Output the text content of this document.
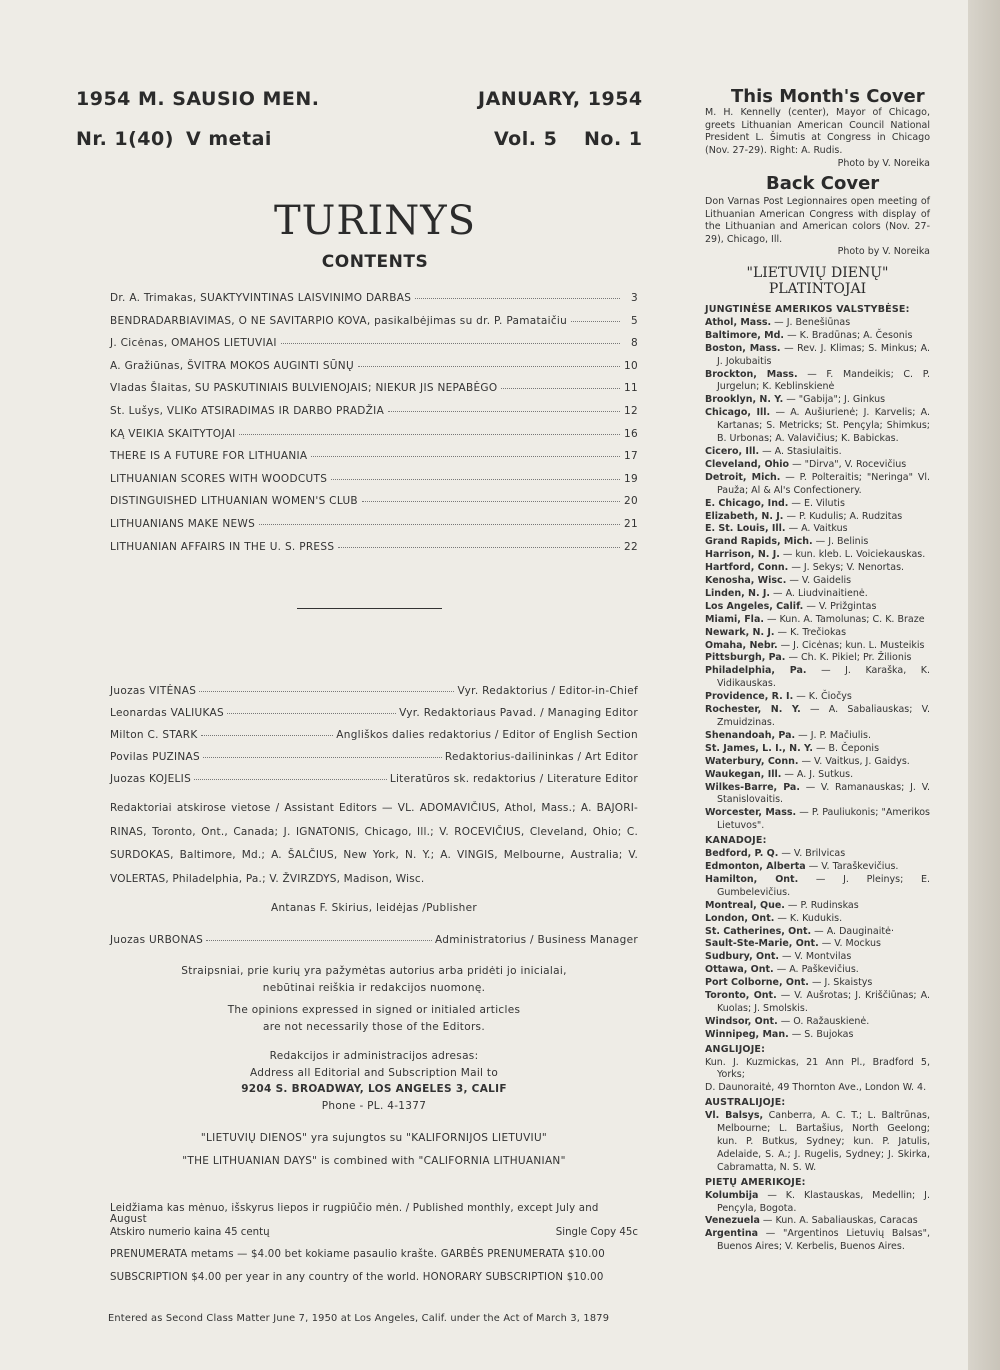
1954 M. SAUSIO MEN.	JANUARY, 1954
Nr. 1(40) V metai	Vol. 5 No. 1
TURINYS
CONTENTS
Dr. A. Trimakas, SUAKTYVINTINAS LAISVINIMO DARBAS	3
BENDRADARBIAVIMAS, O NE SAVITARPIO KOVA, pasikalbėjimas su dr. P. Pamataičiu	5
J. Cicėnas, OMAHOS LIETUVIAI	8
A. Gražiūnas, ŠVITRA MOKOS AUGINTI SŪNŲ	10
Vladas Šlaitas, SU PASKUTINIAIS BULVIENOJAIS; NIEKUR JIS NEPABĖGO	11
St. Lušys, VLIKo ATSIRADIMAS IR DARBO PRADŽIA	12
KĄ VEIKIA SKAITYTOJAI	16
THERE IS A FUTURE FOR LITHUANIA	17
LITHUANIAN SCORES WITH WOODCUTS	19
DISTINGUISHED LITHUANIAN WOMEN'S CLUB	20
LITHUANIANS MAKE NEWS	21
LITHUANIAN AFFAIRS IN THE U. S. PRESS	22
Juozas VITĖNAS	Vyr. Redaktorius / Editor-in-Chief
Leonardas VALIUKAS	Vyr. Redaktoriaus Pavad. / Managing Editor
Milton C. STARK	Angliškos dalies redaktorius / Editor of English Section
Povilas PUZINAS	Redaktorius-dailininkas / Art Editor
Juozas KOJELIS	Literatūros sk. redaktorius / Literature Editor
Redaktoriai atskirose vietose / Assistant Editors — VL. ADOMAVIČIUS, Athol, Mass.; A. BAJORI-RINAS, Toronto, Ont., Canada; J. IGNATONIS, Chicago, Ill.; V. ROCEVIČIUS, Cleveland, Ohio; C. SURDOKAS, Baltimore, Md.; A. ŠALČIUS, New York, N. Y.; A. VINGIS, Melbourne, Australia; V. VOLERTAS, Philadelphia, Pa.; V. ŽVIRZDYS, Madison, Wisc.
Antanas F. Skirius, leidėjas /Publisher
Juozas URBONAS	Administratorius / Business Manager
Straipsniai, prie kurių yra pažymėtas autorius arba pridėti jo inicialai,
nebūtinai reiškia ir redakcijos nuomonę.
The opinions expressed in signed or initialed articles
are not necessarily those of the Editors.
Redakcijos ir administracijos adresas:
Address all Editorial and Subscription Mail to
9204 S. BROADWAY, LOS ANGELES 3, CALIF
Phone - PL. 4-1377
"LIETUVIŲ DIENOS" yra sujungtos su "KALIFORNIJOS LIETUVIU"
"THE LITHUANIAN DAYS" is combined with "CALIFORNIA LITHUANIAN"
Leidžiama kas mėnuo, išskyrus liepos ir rugpiūčio mėn. / Published monthly, except July and August
Atskiro numerio kaina 45 centų	Single Copy 45c
PRENUMERATA metams — $4.00 bet kokiame pasaulio krašte. GARBĖS PRENUMERATA $10.00
SUBSCRIPTION $4.00 per year in any country of the world. HONORARY SUBSCRIPTION $10.00
Entered as Second Class Matter June 7, 1950 at Los Angeles, Calif. under the Act of March 3, 1879
This Month's Cover
M. H. Kennelly (center), Mayor of Chicago, greets Lithuanian American Council National President L. Šimutis at Congress in Chicago (Nov. 27-29). Right: A. Rudis.
Photo by V. Noreika
Back Cover
Don Varnas Post Legionnaires open meeting of Lithuanian American Congress with display of the Lithuanian and American colors (Nov. 27-29), Chicago, Ill.
Photo by V. Noreika
"LIETUVIŲ DIENŲ"
PLATINTOJAI
JUNGTINĖSE AMERIKOS VALSTYBĖSE:
Athol, Mass. — J. Benešiūnas
Baltimore, Md. — K. Bradūnas; A. Česonis
Boston, Mass. — Rev. J. Klimas; S. Minkus; A. J. Jokubaitis
Brockton, Mass. — F. Mandeikis; C. P. Jurgelun; K. Keblinskienė
Brooklyn, N. Y. — "Gabija"; J. Ginkus
Chicago, Ill. — A. Aušiurienė; J. Karvelis; A. Kartanas; S. Metricks; St. Pençyla; Shimkus; B. Urbonas; A. Valavičius; K. Babickas.
Cicero, Ill. — A. Stasiulaitis.
Cleveland, Ohio — "Dirva", V. Rocevičius
Detroit, Mich. — P. Polteraitis; "Neringa" Vl. Pauža; Al & Al's Confectionery.
E. Chicago, Ind. — E. Vilutis
Elizabeth, N. J. — P. Kudulis; A. Rudzitas
E. St. Louis, Ill. — A. Vaitkus
Grand Rapids, Mich. — J. Belinis
Harrison, N. J. — kun. kleb. L. Voiciekauskas.
Hartford, Conn. — J. Sekys; V. Nenortas.
Kenosha, Wisc. — V. Gaidelis
Linden, N. J. — A. Liudvinaitienė.
Los Angeles, Calif. — V. Prižgintas
Miami, Fla. — Kun. A. Tamolunas; C. K. Braze
Newark, N. J. — K. Trečiokas
Omaha, Nebr. — J. Cicėnas; kun. L. Musteikis
Pittsburgh, Pa. — Ch. K. Pikiel; Pr. Žilionis
Philadelphia, Pa. — J. Karaška, K. Vidikauskas.
Providence, R. I. — K. Čiočys
Rochester, N. Y. — A. Sabaliauskas; V. Zmuidzinas.
Shenandoah, Pa. — J. P. Mačiulis.
St. James, L. I., N. Y. — B. Čeponis
Waterbury, Conn. — V. Vaitkus, J. Gaidys.
Waukegan, Ill. — A. J. Sutkus.
Wilkes-Barre, Pa. — V. Ramanauskas; J. V. Stanislovaitis.
Worcester, Mass. — P. Pauliukonis; "Amerikos Lietuvos".
KANADOJE:
Bedford, P. Q. — V. Brilvicas
Edmonton, Alberta — V. Taraškevičius.
Hamilton, Ont. — J. Pleinys; E. Gumbelevičius.
Montreal, Que. — P. Rudinskas
London, Ont. — K. Kudukis.
St. Catherines, Ont. — A. Dauginaitė·
Sault-Ste-Marie, Ont. — V. Mockus
Sudbury, Ont. — V. Montvilas
Ottawa, Ont. — A. Paškevičius.
Port Colborne, Ont. — J. Skaistys
Toronto, Ont. — V. Aušrotas; J. Kriščiūnas; A. Kuolas; J. Smolskis.
Windsor, Ont. — O. Ražauskienė.
Winnipeg, Man. — S. Bujokas
ANGLIJOJE:
Kun. J. Kuzmickas, 21 Ann Pl., Bradford 5, Yorks;
D. Daunoraitė, 49 Thornton Ave., London W. 4.
AUSTRALIJOJE:
Vl. Balsys, Canberra, A. C. T.; L. Baltrūnas, Melbourne; L. Bartašius, North Geelong; kun. P. Butkus, Sydney; kun. P. Jatulis, Adelaide, S. A.; J. Rugelis, Sydney; J. Skirka, Cabramatta, N. S. W.
PIETŲ AMERIKOJE:
Kolumbija — K. Klastauskas, Medellin; J. Pençyla, Bogota.
Venezuela — Kun. A. Sabaliauskas, Caracas
Argentina — "Argentinos Lietuvių Balsas", Buenos Aires; V. Kerbelis, Buenos Aires.
